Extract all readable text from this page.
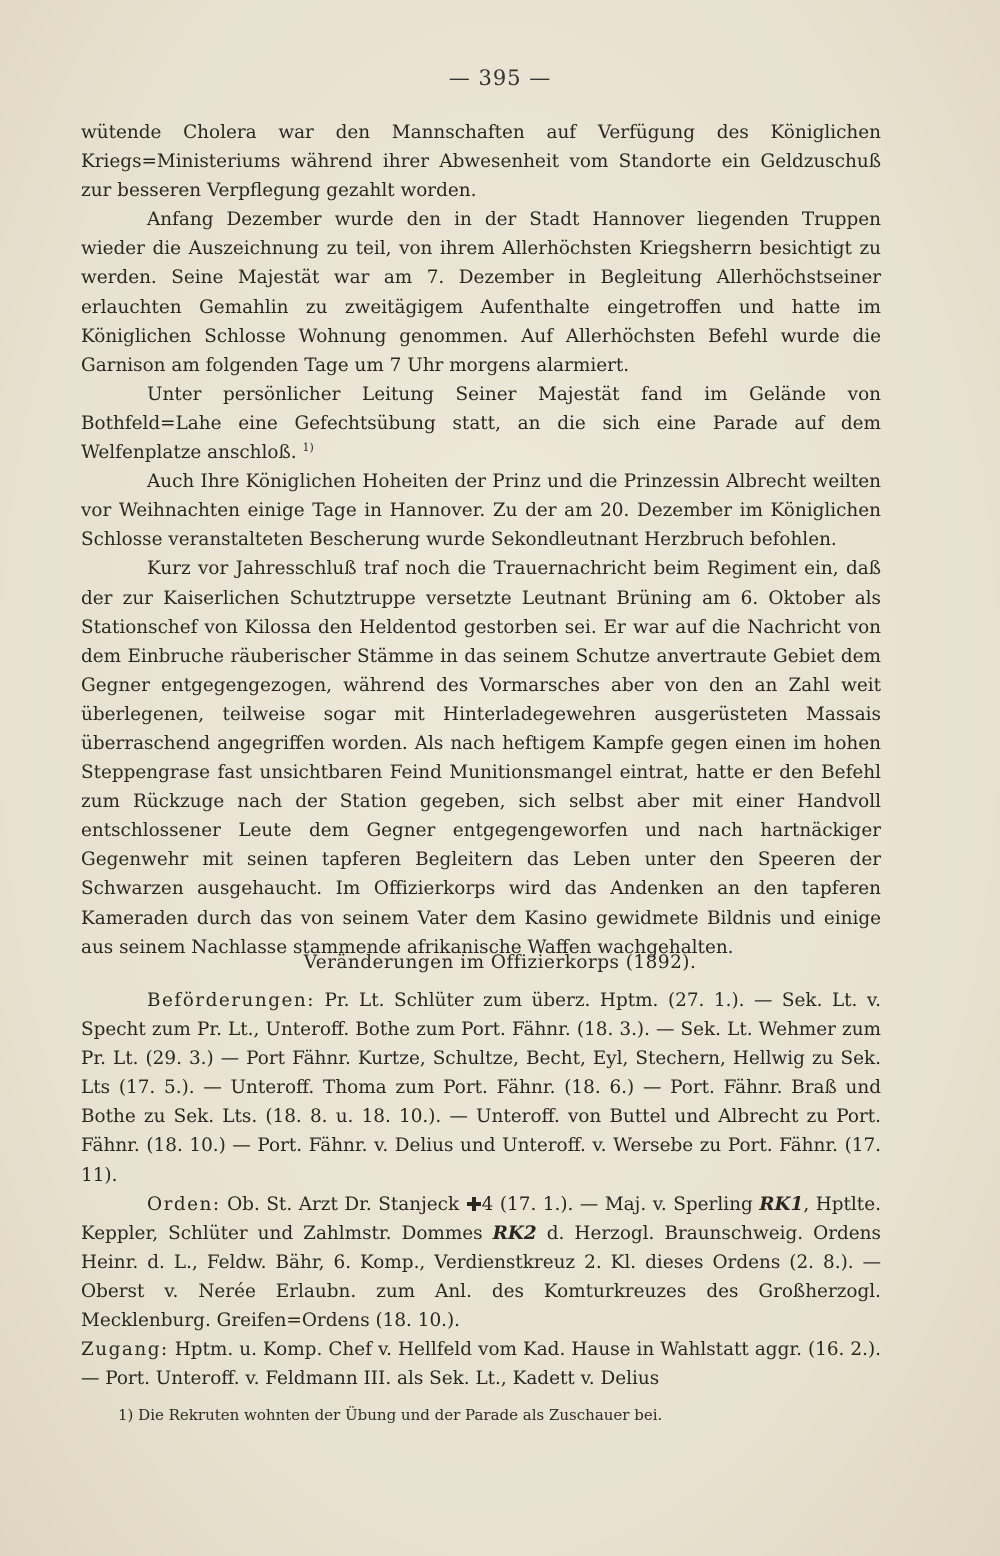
— 395 —

wütende Cholera war den Mannschaften auf Verfügung des Königlichen Kriegs=Ministeriums während ihrer Abwesenheit vom Standorte ein Geldzuschuß zur besseren Verpflegung gezahlt worden.

Anfang Dezember wurde den in der Stadt Hannover liegenden Truppen wieder die Auszeichnung zu teil, von ihrem Allerhöchsten Kriegsherrn besichtigt zu werden. Seine Majestät war am 7. Dezember in Begleitung Allerhöchstseiner erlauchten Gemahlin zu zweitägigem Aufenthalte eingetroffen und hatte im Königlichen Schlosse Wohnung genommen. Auf Allerhöchsten Befehl wurde die Garnison am folgenden Tage um 7 Uhr morgens alarmiert.

Unter persönlicher Leitung Seiner Majestät fand im Gelände von Bothfeld=Lahe eine Gefechtsübung statt, an die sich eine Parade auf dem Welfenplatze anschloß. $^{1)}$

Auch Ihre Königlichen Hoheiten der Prinz und die Prinzessin Albrecht weilten vor Weihnachten einige Tage in Hannover. Zu der am 20. Dezember im Königlichen Schlosse veranstalteten Bescherung wurde Sekondleutnant Herzbruch befohlen.

Kurz vor Jahresschluß traf noch die Trauernachricht beim Regiment ein, daß der zur Kaiserlichen Schutztruppe versetzte Leutnant Brüning am 6. Oktober als Stationschef von Kilossa den Heldentod gestorben sei. Er war auf die Nachricht von dem Einbruche räuberischer Stämme in das seinem Schutze anvertraute Gebiet dem Gegner entgegengezogen, während des Vormarsches aber von den an Zahl weit überlegenen, teilweise sogar mit Hinterladegewehren ausgerüsteten Massais überraschend angegriffen worden. Als nach heftigem Kampfe gegen einen im hohen Steppengrase fast unsichtbaren Feind Munitionsmangel eintrat, hatte er den Befehl zum Rückzuge nach der Station gegeben, sich selbst aber mit einer Handvoll entschlossener Leute dem Gegner entgegengeworfen und nach hartnäckiger Gegenwehr mit seinen tapferen Begleitern das Leben unter den Speeren der Schwarzen ausgehaucht. Im Offizierkorps wird das Andenken an den tapferen Kameraden durch das von seinem Vater dem Kasino gewidmete Bildnis und einige aus seinem Nachlasse stammende afrikanische Waffen wachgehalten.

Veränderungen im Offizierkorps (1892).

Beförderungen: Pr. Lt. Schlüter zum überz. Hptm. (27. 1.). — Sek. Lt. v. Specht zum Pr. Lt., Unteroff. Bothe zum Port. Fähnr. (18. 3.). — Sek. Lt. Wehmer zum Pr. Lt. (29. 3.) — Port Fähnr. Kurtze, Schultze, Becht, Eyl, Stechern, Hellwig zu Sek. Lts (17. 5.). — Unteroff. Thoma zum Port. Fähnr. (18. 6.) — Port. Fähnr. Braß und Bothe zu Sek. Lts. (18. 8. u. 18. 10.). — Unteroff. von Buttel und Albrecht zu Port. Fähnr. (18. 10.) — Port. Fähnr. v. Delius und Unteroff. v. Wersebe zu Port. Fähnr. (17. 11).

Orden: Ob. St. Arzt Dr. Stanjeck 4 (17. 1.). — Maj. v. Sperling RK1, Hptlte. Keppler, Schlüter und Zahlmstr. Dommes RK2 d. Herzogl. Braunschweig. Ordens Heinr. d. L., Feldw. Bähr, 6. Komp., Verdienstkreuz 2. Kl. dieses Ordens (2. 8.). — Oberst v. Nerée Erlaubn. zum Anl. des Komturkreuzes des Großherzogl. Mecklenburg. Greifen=Ordens (18. 10.).

Zugang: Hptm. u. Komp. Chef v. Hellfeld vom Kad. Hause in Wahlstatt aggr. (16. 2.). — Port. Unteroff. v. Feldmann III. als Sek. Lt., Kadett v. Delius

1) Die Rekruten wohnten der Übung und der Parade als Zuschauer bei.
